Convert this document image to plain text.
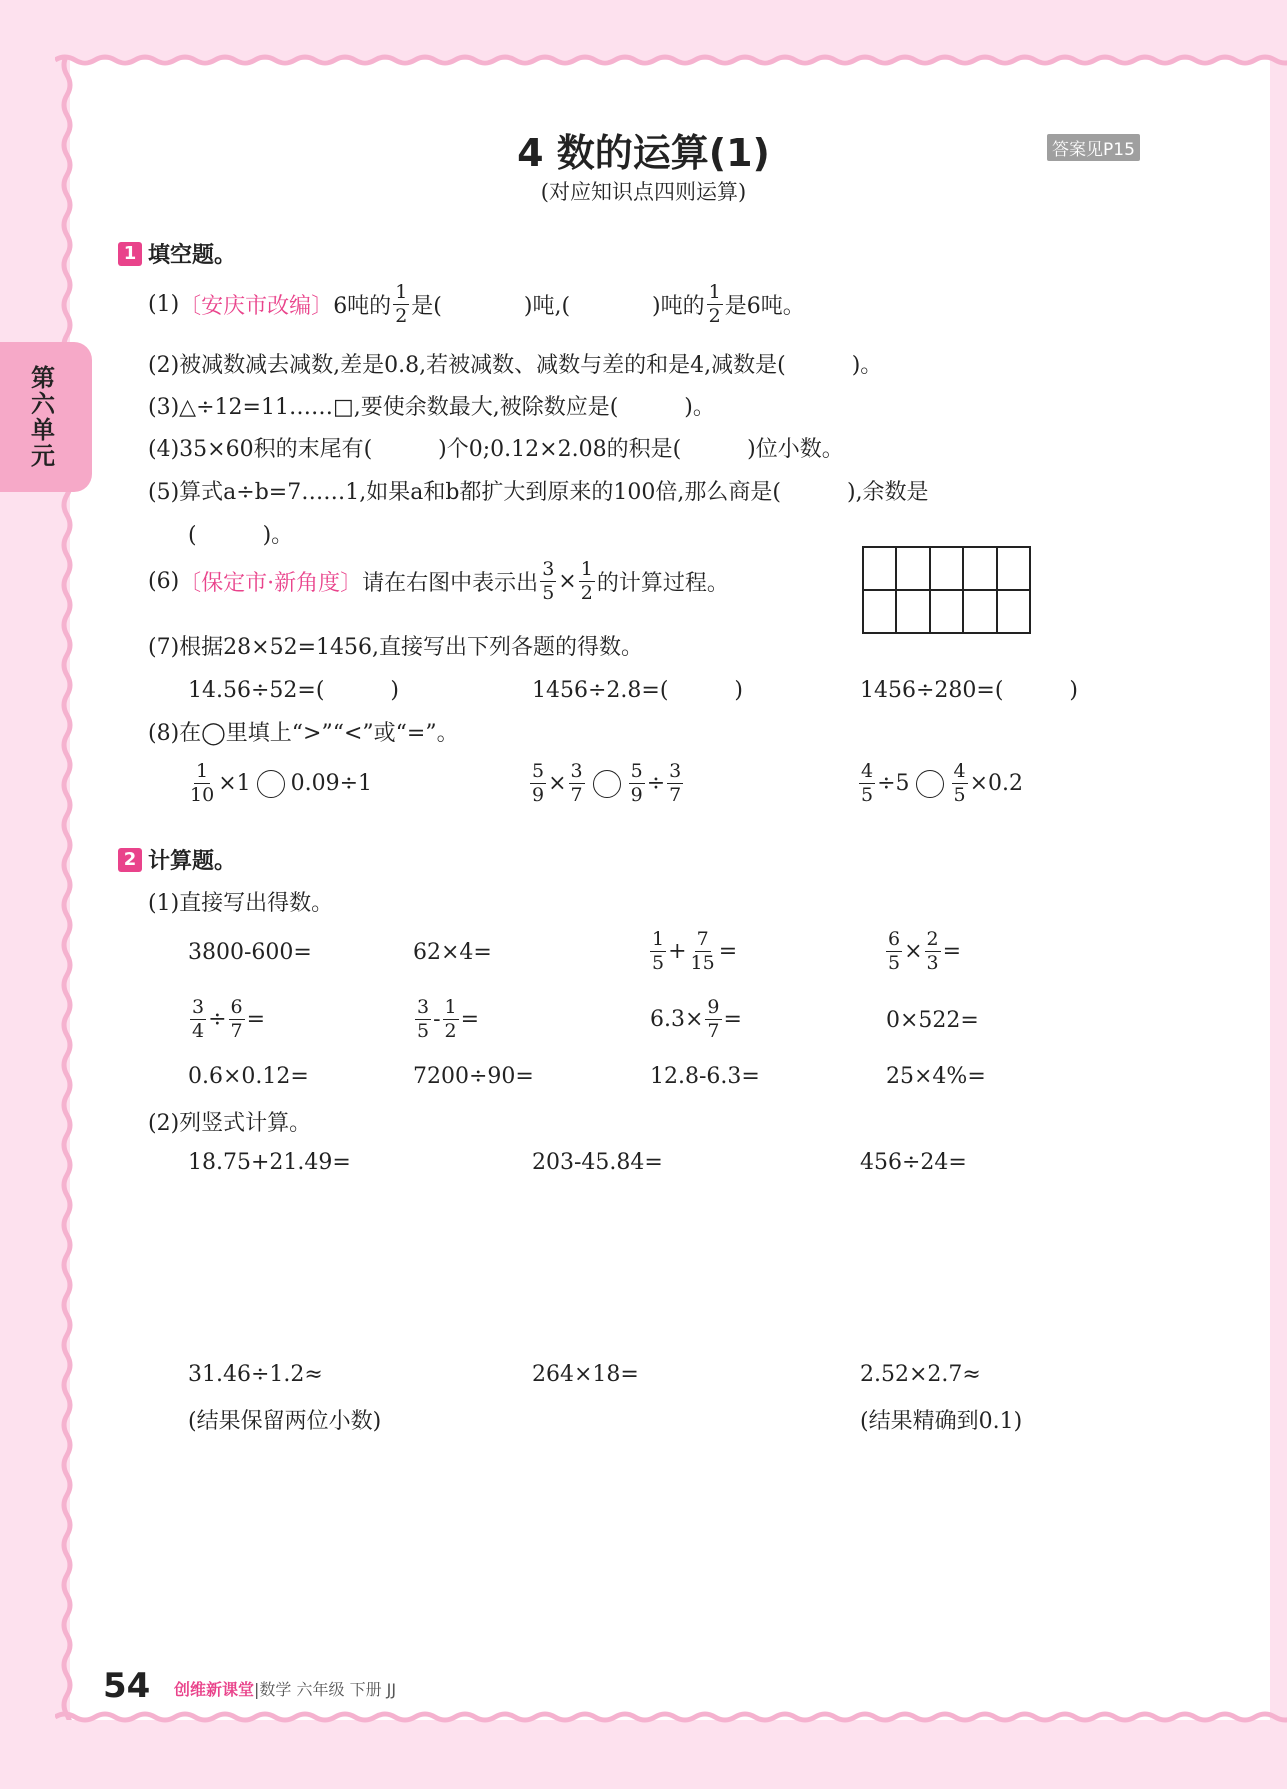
第六单元
4 数的运算(1)
(对应知识点四则运算)
答案见P15
1 填空题。
(1) 〔安庆市改编〕 6吨的 $\frac{1}{2}$ 是(	)吨,(	)吨的 $\frac{1}{2}$ 是6吨。
(2)被减数减去减数,差是0.8,若被减数、减数与差的和是4,减数是(　　　)。
(3)△÷12=11……□,要使余数最大,被除数应是(　　　)。
(4)35×60积的末尾有(　　　)个0;0.12×2.08的积是(　　　)位小数。
(5)算式a÷b=7……1,如果a和b都扩大到原来的100倍,那么商是(　　　),余数是
(　　　)。
(6) 〔保定市·新角度〕 请在右图中表示出 $\frac{3}{5} \times \frac{1}{2}$ 的计算过程。
(7)根据28×52=1456,直接写出下列各题的得数。
14.56÷52=(　　　)	1456÷2.8=(　　　)	1456÷280=(　　　)
(8)在◯里填上“>”“<”或“=”。
$\frac{1}{10} \times 1$ 0.09÷1	$\frac{5}{9} \times \frac{3}{7} \frac{5}{9} \div \frac{3}{7}$	$\frac{4}{5} \div 5 \frac{4}{5} \times 0.2$
2 计算题。
(1)直接写出得数。
3800-600=	62×4=	$\frac{1}{5} + \frac{7}{15}$ =	$\frac{6}{5} \times \frac{2}{3}$ =
$\frac{3}{4} \div \frac{6}{7}$ =	$\frac{3}{5} - \frac{1}{2}$ =	$6.3\times \frac{9}{7}$ =	0×522=
0.6×0.12=	7200÷90=	12.8-6.3=	25×4%=
(2)列竖式计算。
18.75+21.49=	203-45.84=	456÷24=
31.46÷1.2≈	264×18=	2.52×2.7≈
(结果保留两位小数)	(结果精确到0.1)
54 创维新课堂|数学 六年级 下册 JJ
